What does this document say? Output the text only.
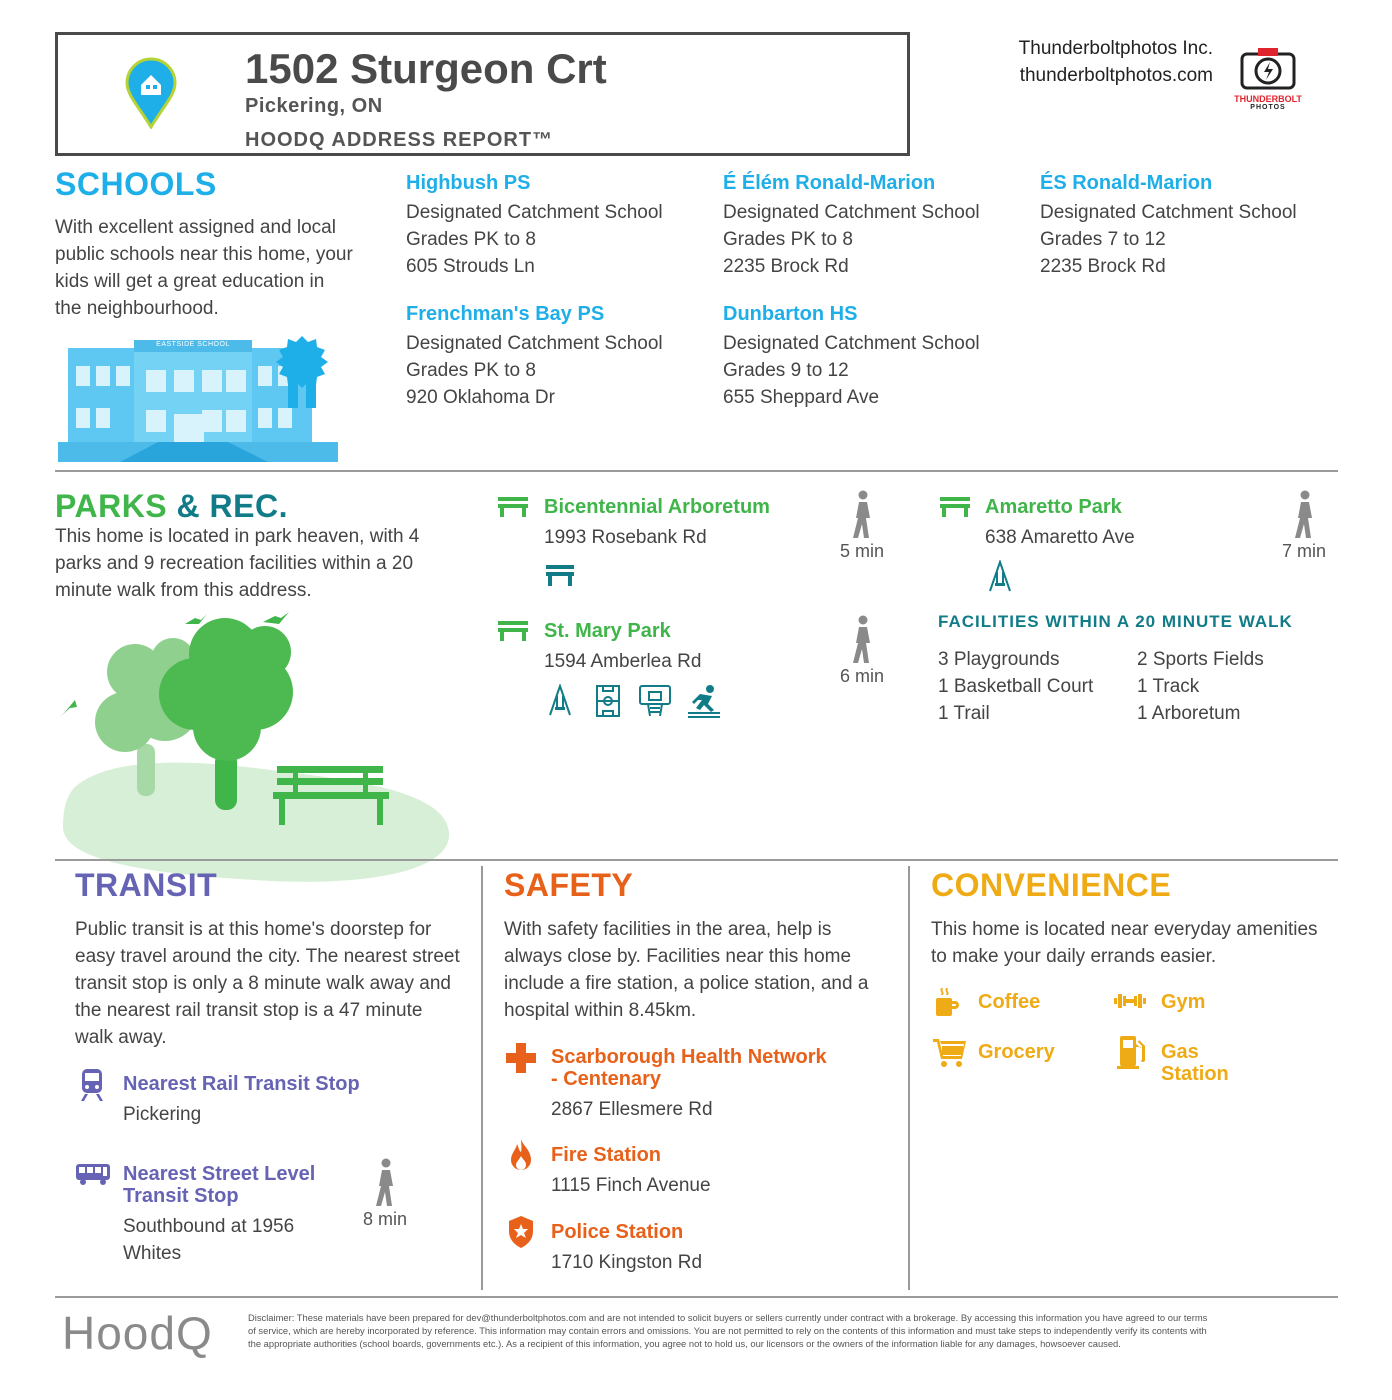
1502 Sturgeon Crt
Pickering, ON
HOODQ ADDRESS REPORT™
Thunderboltphotos Inc.
thunderboltphotos.com
THUNDERBOLT
PHOTOS
SCHOOLS
With excellent assigned and local public schools near this home, your kids will get a great education in the neighbourhood.
EASTSIDE SCHOOL
Highbush PS
Designated Catchment School
Grades PK to 8
605 Strouds Ln
É Élém Ronald-Marion
Designated Catchment School
Grades PK to 8
2235 Brock Rd
ÉS Ronald-Marion
Designated Catchment School
Grades 7 to 12
2235 Brock Rd
Frenchman's Bay PS
Designated Catchment School
Grades PK to 8
920 Oklahoma Dr
Dunbarton HS
Designated Catchment School
Grades 9 to 12
655 Sheppard Ave
PARKS & REC.
This home is located in park heaven, with 4 parks and 9 recreation facilities within a 20 minute walk from this address.
Bicentennial Arboretum
1993 Rosebank Rd
5 min
Amaretto Park
638 Amaretto Ave
7 min
St. Mary Park
1594 Amberlea Rd
6 min
FACILITIES WITHIN A 20 MINUTE WALK
3 Playgrounds	2 Sports Fields
1 Basketball Court 1 Track
1 Trail	1 Arboretum
TRANSIT
Public transit is at this home's doorstep for easy travel around the city. The nearest street transit stop is only a 8 minute walk away and the nearest rail transit stop is a 47 minute walk away.
Nearest Rail Transit Stop
Pickering
Nearest Street Level
Transit Stop
Southbound at 1956
Whites
8 min
SAFETY
With safety facilities in the area, help is always close by. Facilities near this home include a fire station, a police station, and a hospital within 8.45km.
Scarborough Health Network
- Centenary
2867 Ellesmere Rd
Fire Station
1115 Finch Avenue
Police Station
1710 Kingston Rd
CONVENIENCE
This home is located near everyday amenities to make your daily errands easier.
Coffee	Gym
Grocery	Gas
Station
HoodQ	Disclaimer: These materials have been prepared for dev@thunderboltphotos.com and are not intended to solicit buyers or sellers currently under contract with a brokerage. By accessing this information you have agreed to our terms
of service, which are hereby incorporated by reference. This information may contain errors and omissions. You are not permitted to rely on the contents of this information and must take steps to independently verify its contents with
the appropriate authorities (school boards, governments etc.). As a recipient of this information, you agree not to hold us, our licensors or the owners of the information liable for any damages, howsoever caused.
